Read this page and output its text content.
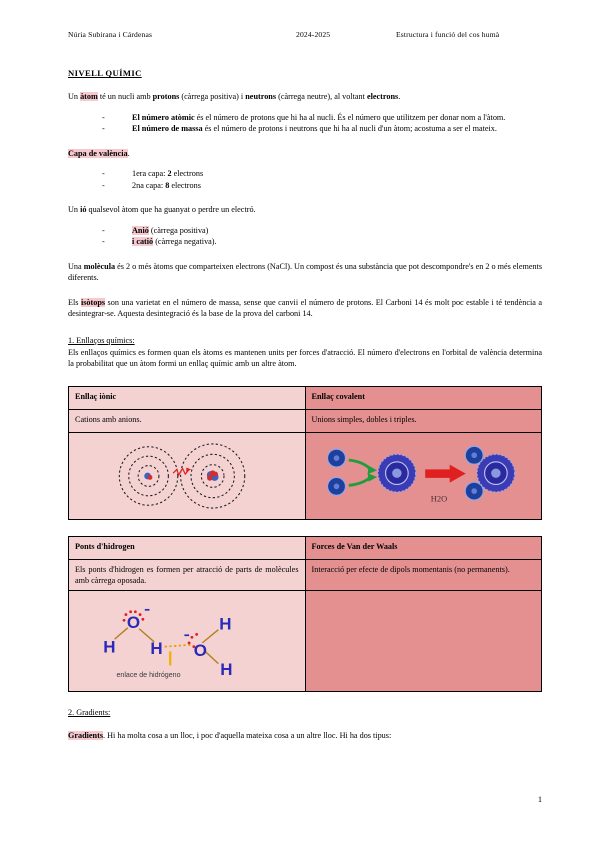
Núria Subirana i Cárdenas	2024-2025	Estructura i funció del cos humà
NIVELL QUÍMIC

Un àtom té un nucli amb protons (càrrega positiva) i neutrons (càrrega neutre), al voltant electrons.

- El número atòmic és el número de protons que hi ha al nucli. És el número que utilitzem per donar nom a l'àtom.
- El número de massa és el número de protons i neutrons que hi ha al nucli d'un àtom; acostuma a ser el mateix.

Capa de valència.

- 1era capa: 2 electrons
- 2na capa: 8 electrons

Un ió qualsevol àtom que ha guanyat o perdre un electró.

- Anió (càrrega positiva)
- i catió (càrrega negativa).

Una molècula és 2 o més àtoms que comparteixen electrons (NaCl). Un compost és una substància que pot descompondre's en 2 o més elements diferents.

Els isòtops son una varietat en el número de massa, sense que canvii el número de protons. El Carboni 14 és molt poc estable i té tendència a desintegrar-se. Aquesta desintegració és la base de la prova del carboni 14.

1. Enllaços químics:

Els enllaços químics es formen quan els àtoms es mantenen units per forces d'atracció. El número d'electrons en l'orbital de valència determina la probabilitat que un àtom formi un enllaç químic amb un altre àtom.

Enllaç iònic	Enllaç covalent
Cations amb anions.	Unions simples, dobles i triples.

H2O
Ponts d'hidrogen	Forces de Van der Waals
Els ponts d'hidrogen es formen per atracció de parts de molècules amb càrrega oposada.	Interacció per efecte de dipols momentanis (no permanents).

O
H H O
H
H
enlace de hidrógeno

2. Gradients:

Gradients. Hi ha molta cosa a un lloc, i poc d'aquella mateixa cosa a un altre lloc. Hi ha dos tipus:

1
